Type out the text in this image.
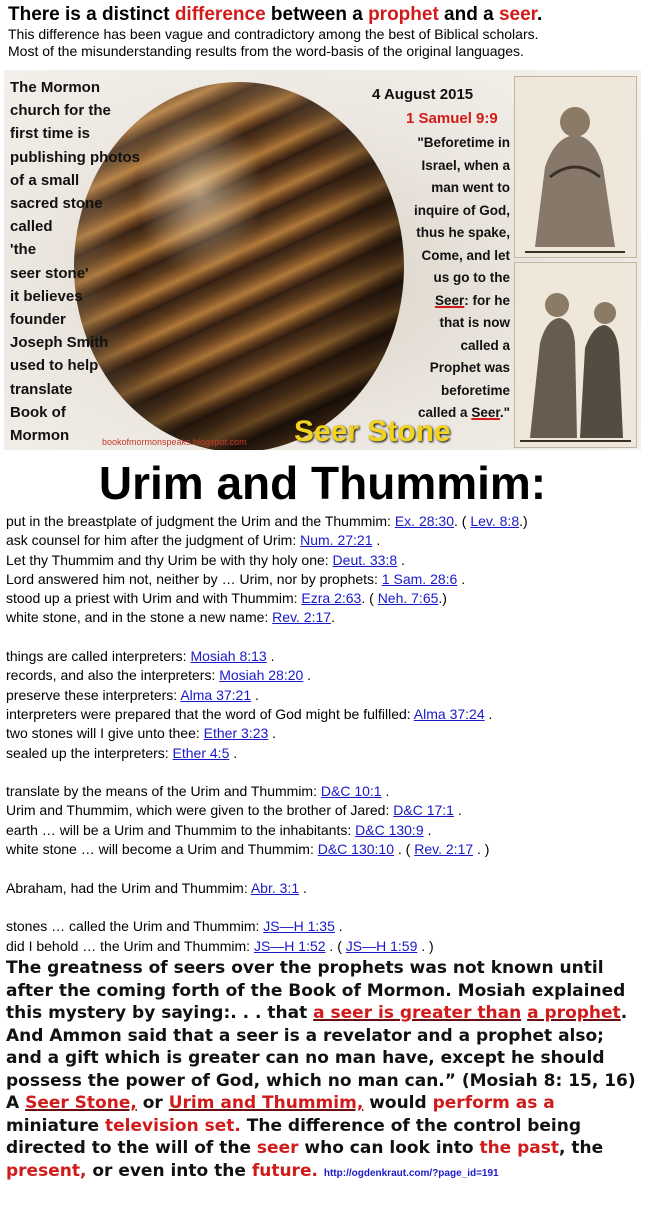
There is a distinct difference between a prophet and a seer.
This difference has been vague and contradictory among the best of Biblical scholars.
Most of the misunderstanding results from the word-basis of the original languages.
The Mormon
church for the
first time is
publishing photos
of a small
sacred stone
called
'the
seer stone'
it believes
founder
Joseph Smith
used to help
translate
Book of
Mormon
4 August 2015
1 Samuel 9:9
"Beforetime in
Israel, when a
man went to
inquire of God,
thus he spake,
Come, and let
us go to the
Seer: for he
that is now
called a
Prophet was
beforetime
called a Seer."
Seer Stone
bookofmormonspeaks.blogspot.com
Urim and Thummim:
put in the breastplate of judgment the Urim and the Thummim: Ex. 28:30. ( Lev. 8:8.)
ask counsel for him after the judgment of Urim: Num. 27:21 .
Let thy Thummim and thy Urim be with thy holy one: Deut. 33:8 .
Lord answered him not, neither by … Urim, nor by prophets: 1 Sam. 28:6 .
stood up a priest with Urim and with Thummim: Ezra 2:63. ( Neh. 7:65.)
white stone, and in the stone a new name: Rev. 2:17.
things are called interpreters: Mosiah 8:13 .
records, and also the interpreters: Mosiah 28:20 .
preserve these interpreters: Alma 37:21 .
interpreters were prepared that the word of God might be fulfilled: Alma 37:24 .
two stones will I give unto thee: Ether 3:23 .
sealed up the interpreters: Ether 4:5 .
translate by the means of the Urim and Thummim: D&C 10:1 .
Urim and Thummim, which were given to the brother of Jared: D&C 17:1 .
earth … will be a Urim and Thummim to the inhabitants: D&C 130:9 .
white stone … will become a Urim and Thummim: D&C 130:10 . ( Rev. 2:17 . )
Abraham, had the Urim and Thummim: Abr. 3:1 .
stones … called the Urim and Thummim: JS—H 1:35 .
did I behold … the Urim and Thummim: JS—H 1:52 . ( JS—H 1:59 . )
The greatness of seers over the prophets was not known until after the coming forth of the Book of Mormon. Mosiah explained this mystery by saying:. . . that a seer is greater than a prophet. And Ammon said that a seer is a revelator and a prophet also; and a gift which is greater can no man have, except he should possess the power of God, which no man can.” (Mosiah 8: 15, 16)
A Seer Stone, or Urim and Thummim, would perform as a miniature television set. The difference of the control being directed to the will of the seer who can look into the past, the present, or even into the future. http://ogdenkraut.com/?page_id=191
